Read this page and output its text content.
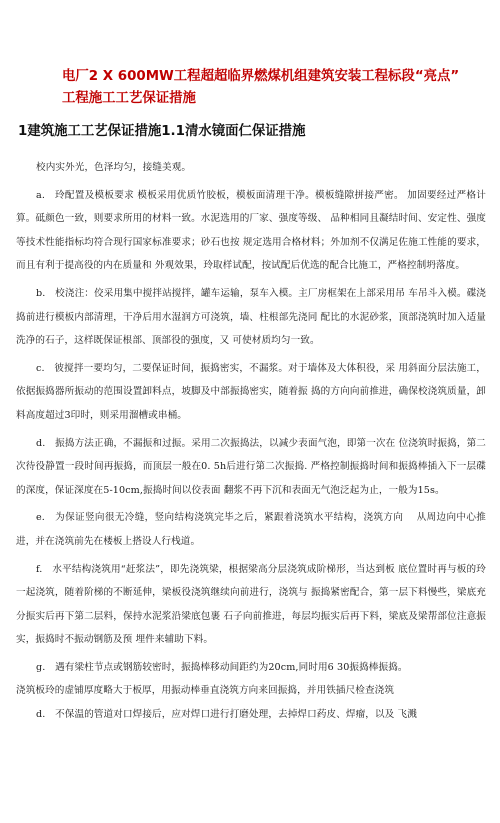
电厂2 X 600MW工程超超临界燃煤机组建筑安装工程标段“亮点”
工程施工工艺保证措施
1建筑施工工艺保证措施1.1清水镜面仁保证措施

校内实外光，色泽均匀，接缝美观。

a.　玲配置及模板要求 模板采用优质竹胶板，模板面清理干净。模板缝隙拼接严密。 加固要经过严格计算。砥颜色一致，则要求所用的材料一致。水泥选用的厂家、强度等级、 品种相同且凝结时间、安定性、强度等技术性能指标均符合现行国家标准要求；砂石也按 规定选用合格材料；外加剂不仅满足佐施工性能的要求，而且有利于提高役的内在质量和 外观效果，玲取样试配，按试配后优选的配合比施工，严格控制坍落度。

b.　校浇注：佼采用集中搅拌站搅拌，罐车运输，泵车入模。主厂房框架在上部采用吊 车吊斗入模。碟浇捣前进行模板内部清理，干净后用水湿润方可浇筑，墙、柱根部先浇同 配比的水泥砂浆，顶部浇筑时加入适量洗净的石子，这样既保证根部、顶部役的强度，又 可使材质均匀一致。

c.　彼搅拌一要均匀，二要保证时间，振捣密实，不漏浆。对于墙体及大体积役，采 用斜面分层法施工，依据振捣器所振动的范围设置卸料点，坡脚及中部振捣密实，随着振 捣的方向向前推进，确保校浇筑质量，卸料高度超过3印时，则采用溜槽或串桶。

d.　振捣方法正确，不漏振和过振。采用二次振捣法，以减少表面气泡，即第一次在 位浇筑时振捣，第二次待役静置一段时间再振捣，而顶层一般在0. 5h后进行第二次振捣. 严格控制振捣时间和振捣棒插入下一层碟的深度，保证深度在5-10cm,振捣时间以佼表面 翻浆不再下沉和表面无气泡泛起为止，一般为15s。

e.　为保证竖向很无冷缝，竖向结构浇筑完毕之后，紧跟着浇筑水平结构，浇筑方向　 从周边向中心推进，并在浇筑前先在楼板上搭设人行栈道。

f.　水平结构浇筑用“赶浆法”，即先浇筑梁，根据梁高分层浇筑成阶梯形，当达到板 底位置时再与板的玲一起浇筑，随着阶梯的不断延伸，梁板役浇筑继续向前进行，浇筑与 振捣紧密配合，第一层下料慢些，梁底充分振实后再下第二层料，保持水泥浆沿梁底包裹 石子向前推进，每层均振实后再下料，梁底及梁帮部位注意振实，振捣时不振动钢筋及预 埋件来辅助下料。

g.　遇有梁柱节点或钢筋较密时，振捣棒移动间距约为20cm,同时用6 30振捣棒振捣。

浇筑板玲的虚铺厚度略大于板厚，用振动棒垂直浇筑方向来回振捣，并用铁插尺检查浇筑

d.　不保温的管道对口焊接后，应对焊口进行打磨处理，去掉焊口药皮、焊瘤，以及 飞溅
